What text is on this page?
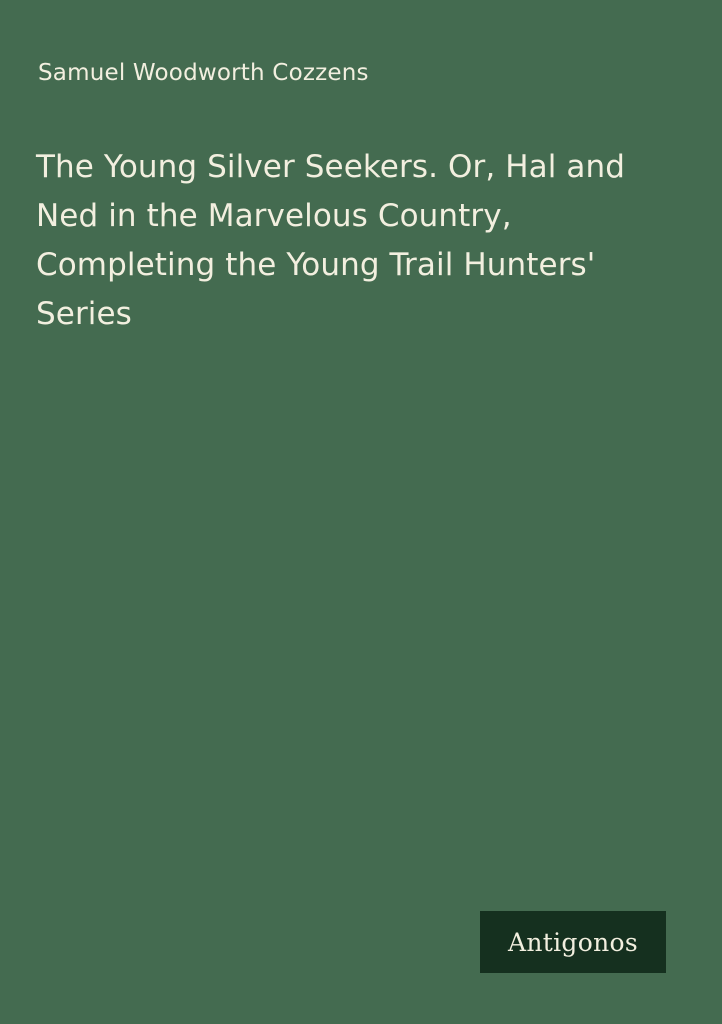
Samuel Woodworth Cozzens
The Young Silver Seekers. Or, Hal and Ned in the Marvelous Country, Completing the Young Trail Hunters' Series
Antigonos
